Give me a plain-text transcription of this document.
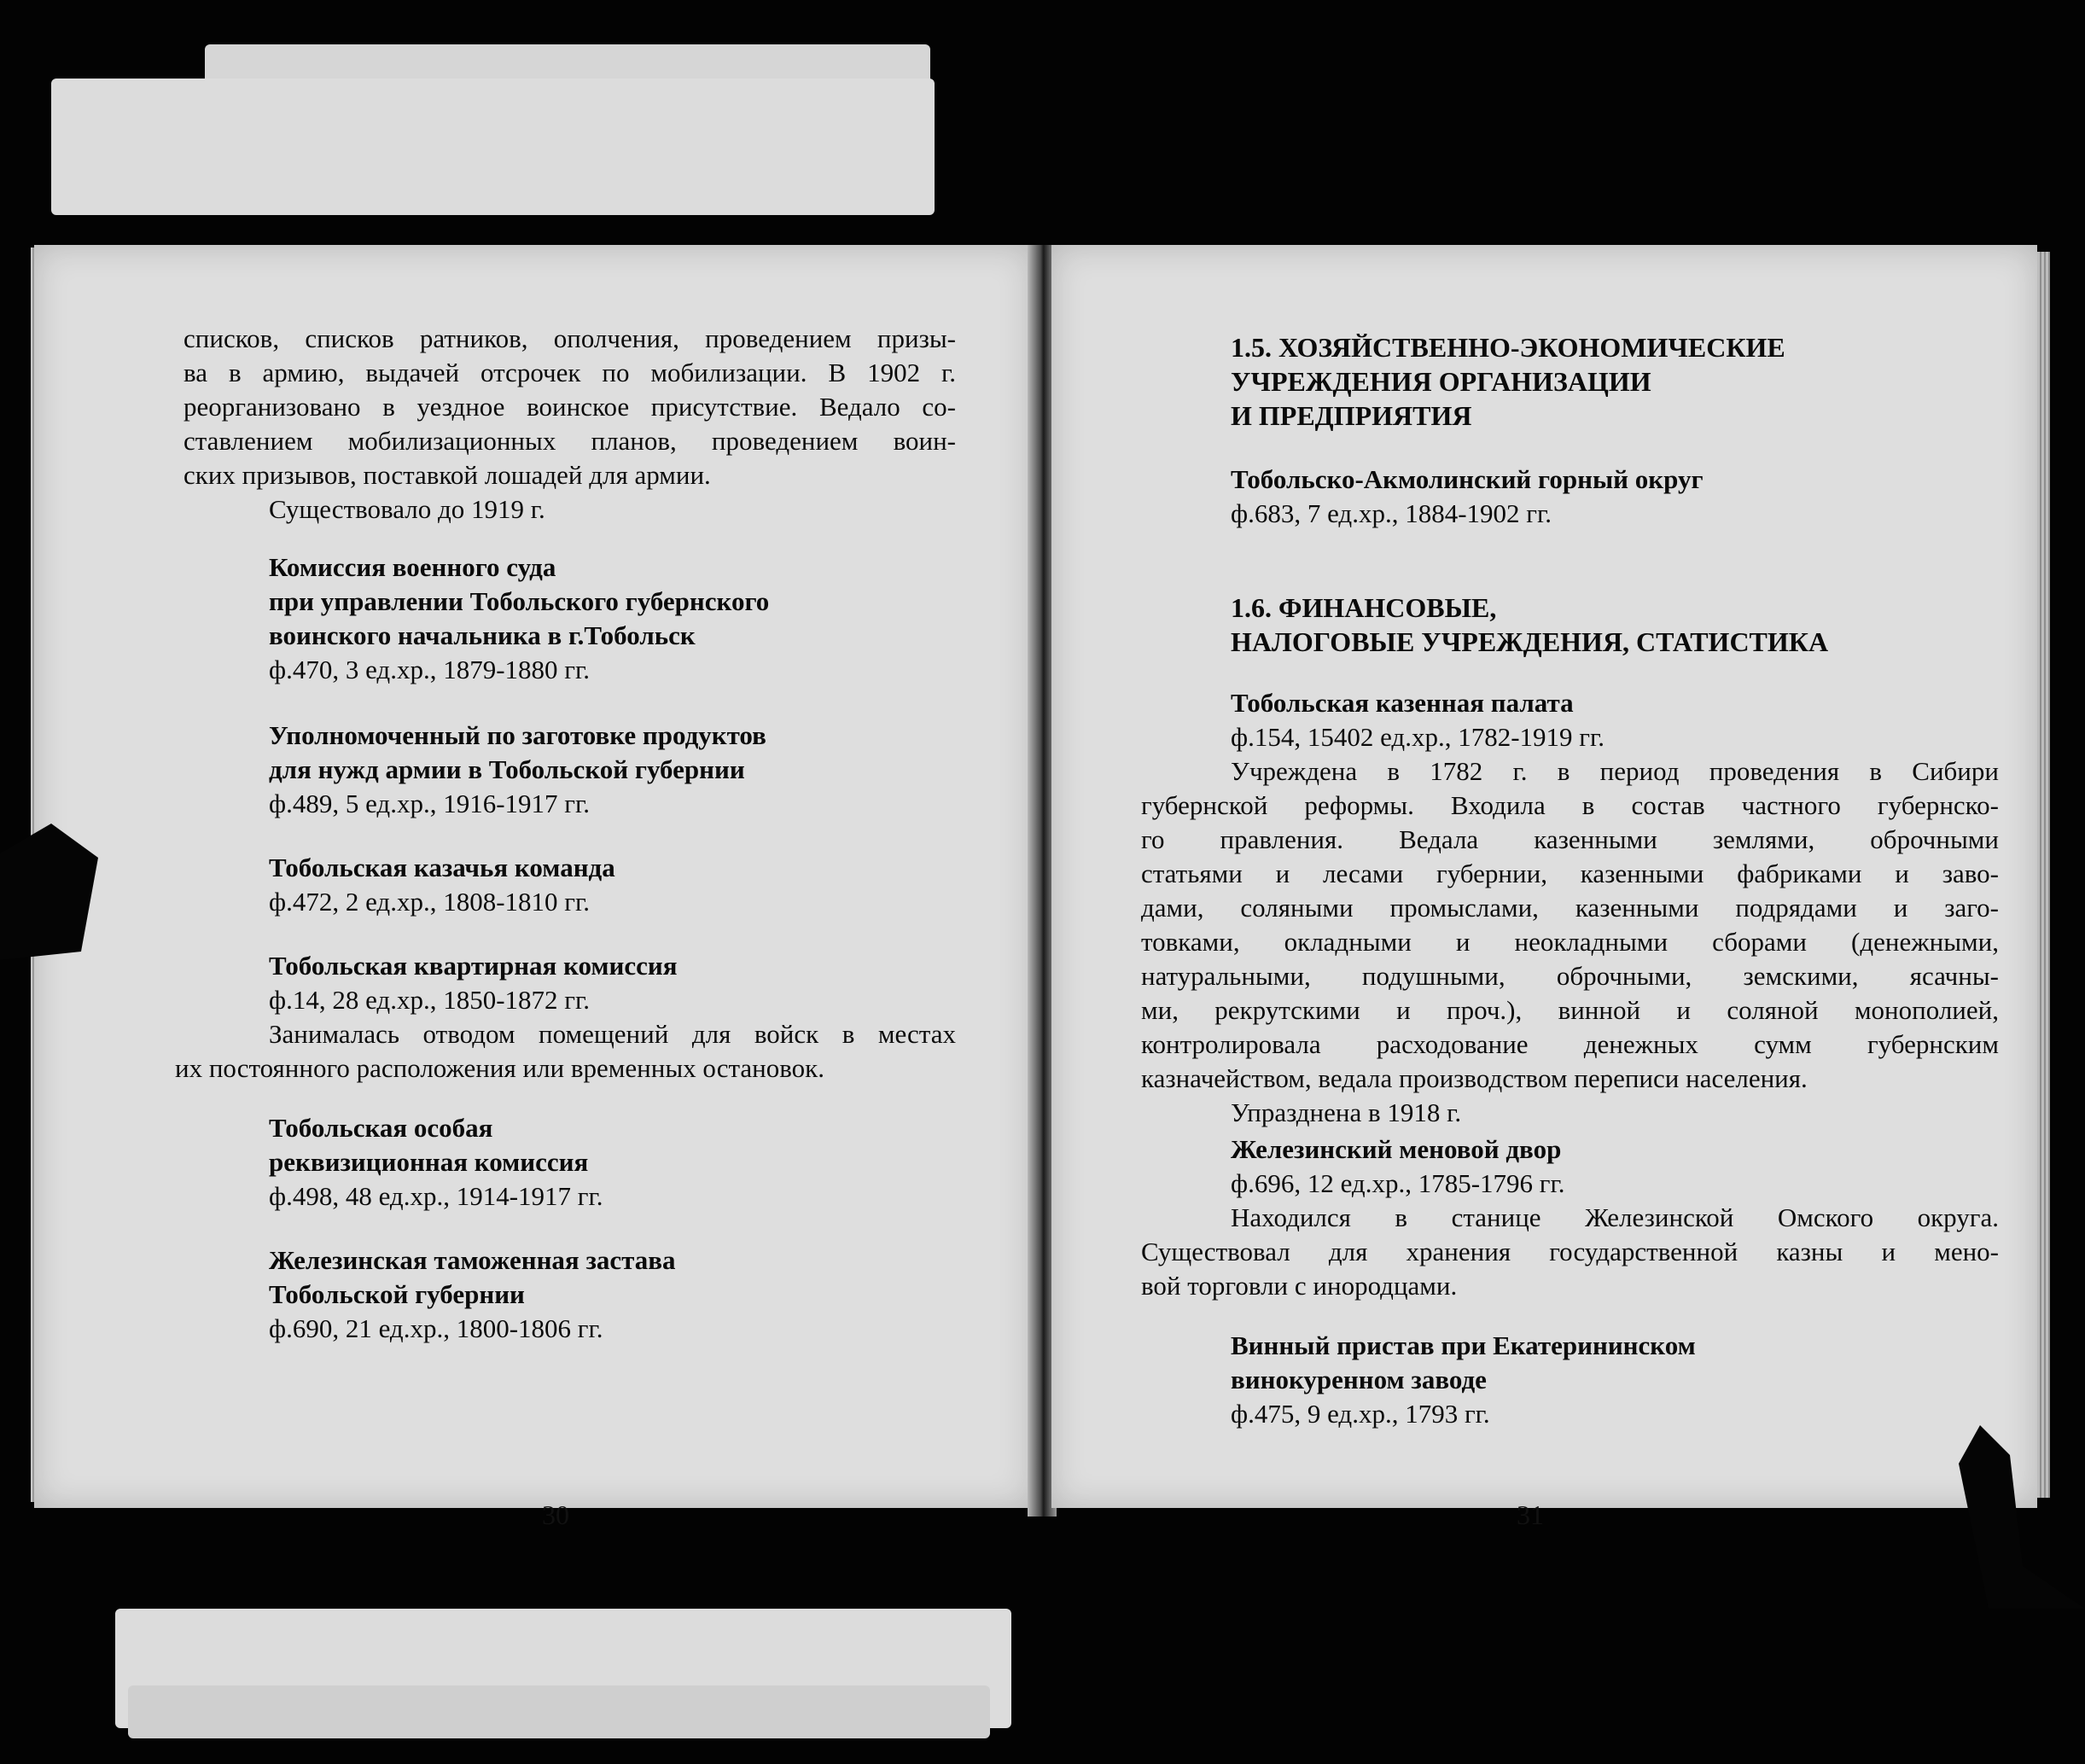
списков, списков ратников, ополчения, проведением призы-
ва в армию, выдачей отсрочек по мобилизации. В 1902 г.
реорганизовано в уездное воинское присутствие. Ведало со-
ставлением мобилизационных планов, проведением воин-
ских призывов, поставкой лошадей для армии.
Существовало до 1919 г.
Комиссия военного суда
при управлении Тобольского губернского
воинского начальника в г.Тобольск
ф.470, 3 ед.хр., 1879-1880 гг.
Уполномоченный по заготовке продуктов
для нужд армии в Тобольской губернии
ф.489, 5 ед.хр., 1916-1917 гг.
Тобольская казачья команда
ф.472, 2 ед.хр., 1808-1810 гг.
Тобольская квартирная комиссия
ф.14, 28 ед.хр., 1850-1872 гг.
Занималась отводом помещений для войск в местах
их постоянного расположения или временных остановок.
Тобольская особая
реквизиционная комиссия
ф.498, 48 ед.хр., 1914-1917 гг.
Железинская таможенная застава
Тобольской губернии
ф.690, 21 ед.хр., 1800-1806 гг.
30
1.5. ХОЗЯЙСТВЕННО-ЭКОНОМИЧЕСКИЕ
УЧРЕЖДЕНИЯ ОРГАНИЗАЦИИ
И ПРЕДПРИЯТИЯ
Тобольско-Акмолинский горный округ
ф.683, 7 ед.хр., 1884-1902 гг.
1.6. ФИНАНСОВЫЕ,
НАЛОГОВЫЕ УЧРЕЖДЕНИЯ, СТАТИСТИКА
Тобольская казенная палата
ф.154, 15402 ед.хр., 1782-1919 гг.
Учреждена в 1782 г. в период проведения в Сибири
губернской реформы. Входила в состав частного губернско-
го правления. Ведала казенными землями, оброчными
статьями и лесами губернии, казенными фабриками и заво-
дами, соляными промыслами, казенными подрядами и заго-
товками, окладными и неокладными сборами (денежными,
натуральными, подушными, оброчными, земскими, ясачны-
ми, рекрутскими и проч.), винной и соляной монополией,
контролировала расходование денежных сумм губернским
казначейством, ведала производством переписи населения.
Упразднена в 1918 г.
Железинский меновой двор
ф.696, 12 ед.хр., 1785-1796 гг.
Находился в станице Железинской Омского округа.
Существовал для хранения государственной казны и мено-
вой торговли с инородцами.
Винный пристав при Екатерининском
винокуренном заводе
ф.475, 9 ед.хр., 1793 гг.
31
